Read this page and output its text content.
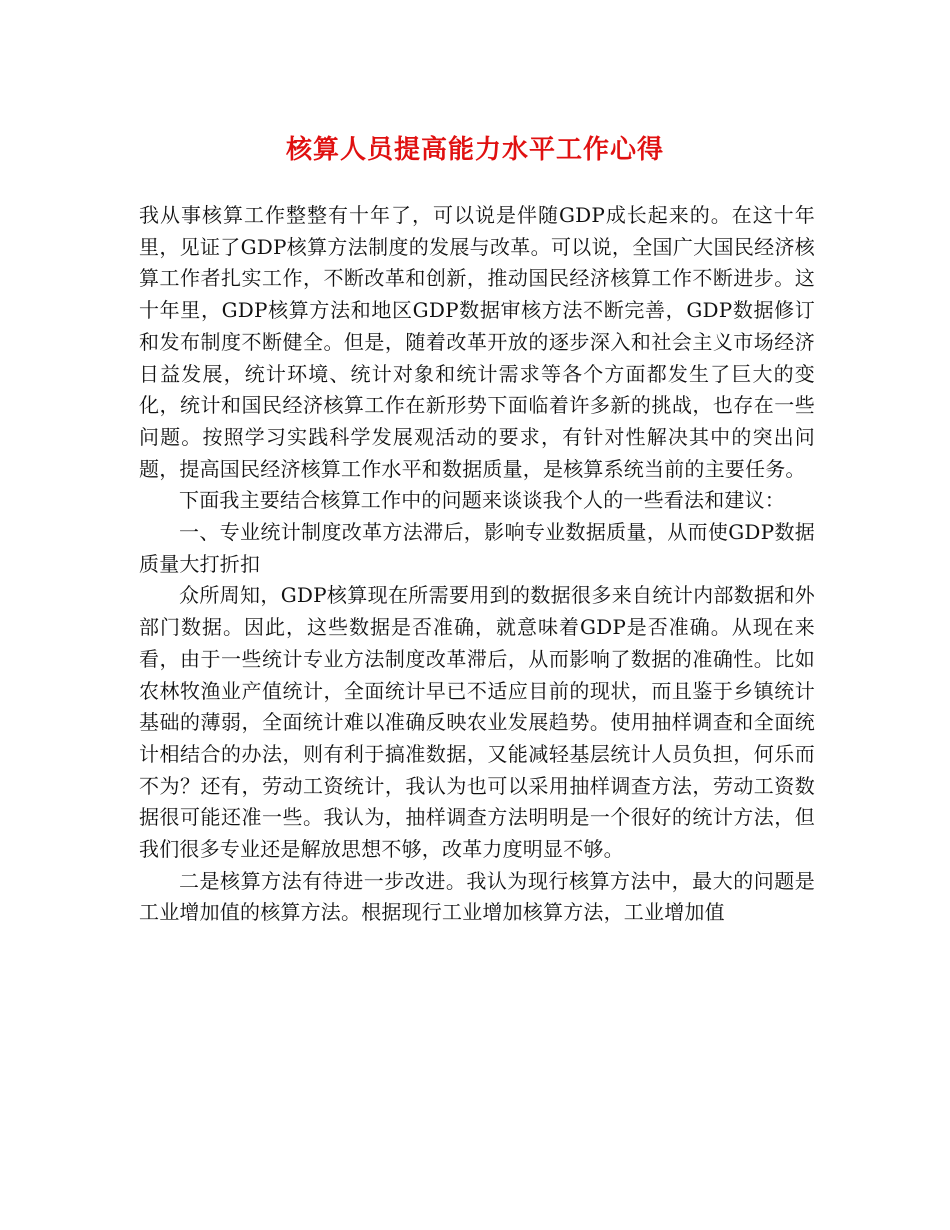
核算人员提高能力水平工作心得

我从事核算工作整整有十年了，可以说是伴随GDP成长起来的。在这十年里，见证了GDP核算方法制度的发展与改革。可以说，全国广大国民经济核算工作者扎实工作，不断改革和创新，推动国民经济核算工作不断进步。这十年里，GDP核算方法和地区GDP数据审核方法不断完善，GDP数据修订和发布制度不断健全。但是，随着改革开放的逐步深入和社会主义市场经济日益发展，统计环境、统计对象和统计需求等各个方面都发生了巨大的变化，统计和国民经济核算工作在新形势下面临着许多新的挑战，也存在一些问题。按照学习实践科学发展观活动的要求，有针对性解决其中的突出问题，提高国民经济核算工作水平和数据质量，是核算系统当前的主要任务。

下面我主要结合核算工作中的问题来谈谈我个人的一些看法和建议：

一、专业统计制度改革方法滞后，影响专业数据质量，从而使GDP数据质量大打折扣

众所周知，GDP核算现在所需要用到的数据很多来自统计内部数据和外部门数据。因此，这些数据是否准确，就意味着GDP是否准确。从现在来看，由于一些统计专业方法制度改革滞后，从而影响了数据的准确性。比如农林牧渔业产值统计，全面统计早已不适应目前的现状，而且鉴于乡镇统计基础的薄弱，全面统计难以准确反映农业发展趋势。使用抽样调查和全面统计相结合的办法，则有利于搞准数据，又能减轻基层统计人员负担，何乐而不为？还有，劳动工资统计，我认为也可以采用抽样调查方法，劳动工资数据很可能还准一些。我认为，抽样调查方法明明是一个很好的统计方法，但我们很多专业还是解放思想不够，改革力度明显不够。

二是核算方法有待进一步改进。我认为现行核算方法中，最大的问题是工业增加值的核算方法。根据现行工业增加核算方法，工业增加值
